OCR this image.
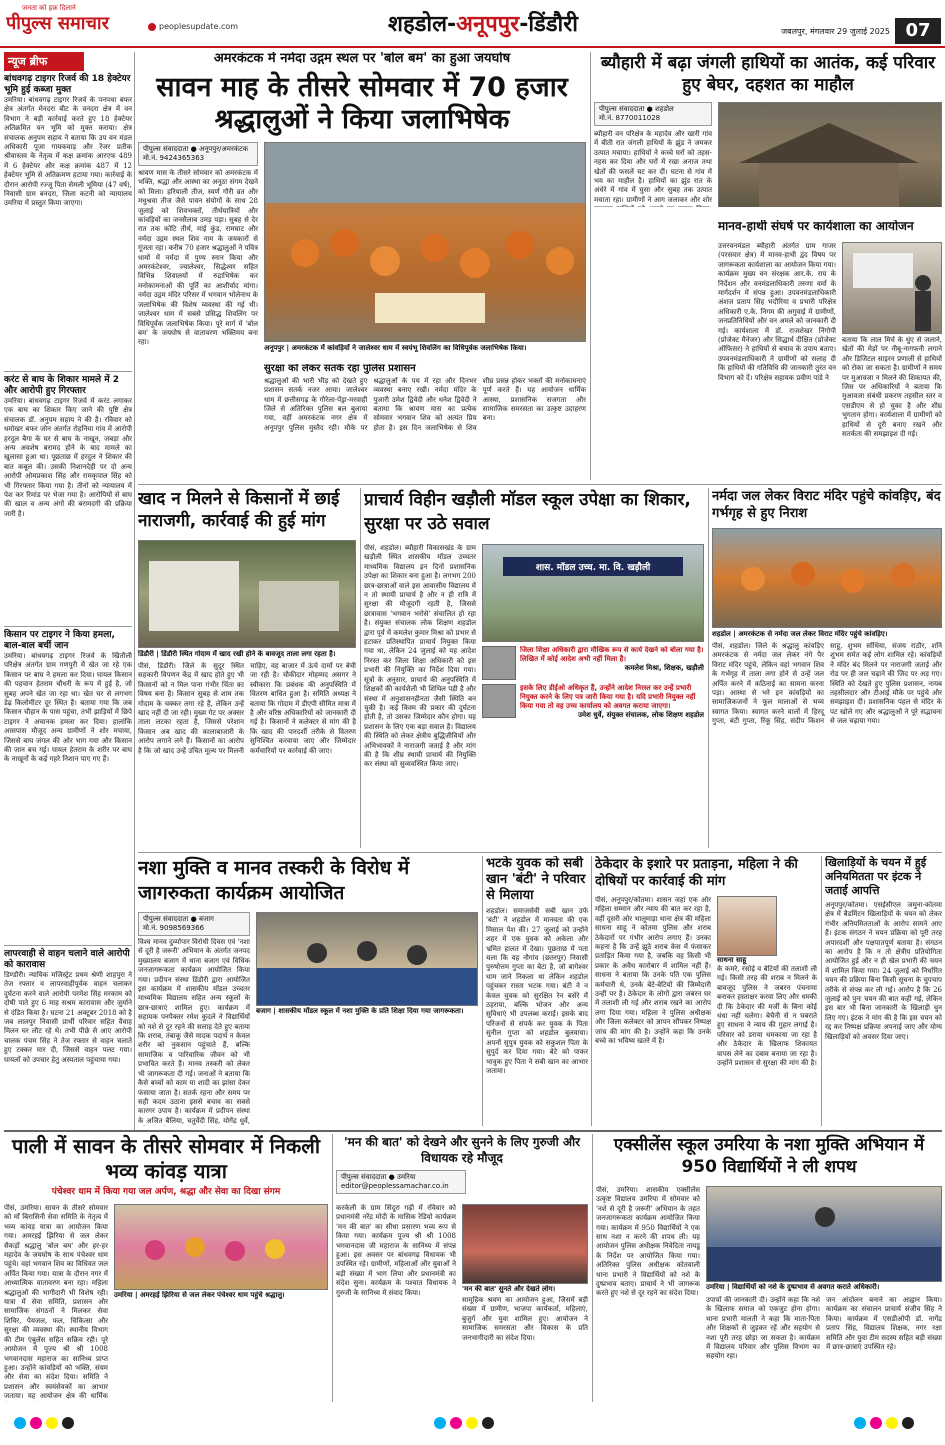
जनता को हक़ दिलाने
पीपुल्स समाचार	peoplesupdate.com	शहडोल-अनूपपुर-डिंडौरी	जबलपुर, मंगलवार 29 जुलाई 2025 07
न्यूज ब्रीफ
बांधवगढ़ टाइगर रिजर्व की 18 हेक्टेयर भूमि हुई कब्जा मुक्त
उमरिया। बांधवगढ़ टाइगर रिजर्व के पनपथा बफर क्षेत्र अंतर्गत मेनदरा बीट के वनदरा क्षेत्र में वन विभाग ने बड़ी कार्रवाई करते हुए 18 हेक्टेयर अतिक्रमित वन भूमि को मुक्त कराया। क्षेत्र संचालक अनुपम सहाय ने बताया कि उप वन मंडल अधिकारी पूजा गायकवाड़ और रेंजर प्रतीक श्रीवास्तव के नेतृत्व में कक्ष क्रमांक आरएफ 489 में 6 हेक्टेयर और कक्ष क्रमांक 487 में 12 हेक्टेयर भूमि से अतिक्रमण हटाया गया। कार्रवाई के दौरान आरोपी रज्जू पिता सेमली भूमिया (47 वर्ष), निवासी ग्राम बनदरा, जिला कटनी को न्यायालय उमरिया में प्रस्तुत किया जाएगा।
करंट से बाघ के शिकार मामले में 2 और आरोपी हुए गिरफ्तार
उमरिया। बांधवगढ़ टाइगर रिजर्व में करंट लगाकर एक बाघ का शिकार किए जाने की पुष्टि क्षेत्र संचालक डॉ. अनुपम सहाय ने की है। रविवार को धमोखर बफर जोन अंतर्गत रोहनिया गांव में आरोपी हरदुल बैगा के घर से बाघ के नाखून, जबड़ा और अन्य अवशेष बरामद होने के बाद मामले का खुलासा हुआ था। पूछताछ में हरदुल ने शिकार की बात कबूल की। उसकी निशानदेही पर दो अन्य आरोपी ओमप्रकाश सिंह और रामकृपाल सिंह को भी गिरफ्तार किया गया है। तीनों को न्यायालय में पेश कर रिमांड पर भेजा गया है। आरोपियों से बाघ की खाल व अन्य अंगों की बरामदगी की प्रक्रिया जारी है।
किसान पर टाइगर ने किया हमला, बाल-बाल बचीं जान
उमरिया। बांधवगढ़ टाइगर रिजर्व के खितौली परिक्षेत्र अंतर्गत ग्राम गणपुरी में खेत जा रहे एक किसान पर बाघ ने हमला कर दिया। घायल किसान की पहचान हेतराम चौधरी के रूप में हुई है, जो सुबह अपने खेत जा रहा था। खेत घर से लगभग डेढ़ किलोमीटर दूर स्थित है। बताया गया कि जब किसान चौहान के पास पहुंचा, तभी झाड़ियों में छिपे टाइगर ने अचानक हमला कर दिया। हालांकि आसपास मौजूद अन्य ग्रामीणों ने शोर मचाया, जिससे बाघ जंगल की ओर भाग गया और किसान की जान बच गई। घायल हेतराम के शरीर पर बाघ के नाखूनों के कई गहरे निशान पाए गए हैं।
लापरवाही से वाहन चलाने वाले आरोपी को कारावास
डिण्डौरी। न्यायिक मजिस्ट्रेट प्रथम श्रेणी शाहपुरा ने तेज रफ्तार व लापरवाहीपूर्वक वाहन चलाकर दुर्घटना करने वाले आरोपी परमेश सिंह मरकाम को दोषी पाते हुए 6 माह सश्रम कारावास और जुर्माने से दंडित किया है। घटना 21 अक्टूबर 2018 को है जब लालपुर निवासी प्रार्थी परिवार सहित वैवाह मिलन घर लौट रहे थे। तभी पीछे से आए आरोपी चालक पंचम सिंह ने तेज रफ्तार से वाहन चलाते हुए टक्कर मार दी, जिससे वाहन पलट गया। घायलों को उपचार हेतु अस्पताल पहुंचाया गया।
अमरकंटक में नर्मदा उद्गम स्थल पर 'बोल बम' का हुआ जयघोष
सावन माह के तीसरे सोमवार में 70 हजार श्रद्धालुओं ने किया जलाभिषेक
पीपुल्स संवाददाता ● अनूपपुर/अमरकंटक
मो.नं. 9424365363
श्रावण मास के तीसरे सोमवार को अमरकंटक में भक्ति, श्रद्धा और आस्था का अनूठा संगम देखने को मिला। हरियाली तीज, स्वर्ण गौरी व्रत और मधुश्रवा तीज जैसे पावन संयोगों के साथ 28 जुलाई को शिवभक्तों, तीर्थयात्रियों और कांवड़ियों का जनसैलाब उमड़ पड़ा। सुबह से देर रात तक कोटि तीर्थ, मांई कुंड, रामघाट और नर्मदा उद्गम स्थल शिव नाम के जयकारों से गूंजता रहा। करीब 70 हजार श्रद्धालुओं ने पवित्र धामों में नर्मदा में पुण्य स्नान किया और अमरकंटेश्वर, ज्वालेश्वर, सिद्धेश्वर सहित विभिन्न शिवालयों में रुद्राभिषेक कर मनोकामनाओं की पूर्ति का आशीर्वाद मांगा। नर्मदा उद्गम मंदिर परिसर में भगवान भोलेनाथ के जलाभिषेक की विशेष व्यवस्था की गई थी। जालेश्वर धाम में सबसे प्रसिद्ध शिवलिंग पर विधिपूर्वक जलाभिषेक किया। पूरे मार्ग में 'बोल बम' के जयघोष से वातावरण भक्तिमय बना रहा।
अनूपपुर | अमरकंटक में कांवड़ियों ने जालेश्वर धाम में स्वयंभू शिवलिंग का विधिपूर्वक जलाभिषेक किया।
सुरक्षा को लेकर सतर्क रहा पुलिस प्रशासन
श्रद्धालुओं की भारी भीड़ को देखते हुए प्रशासन सतर्क नजर आया। जालेश्वर धाम में छत्तीसगढ़ के गौरेला-पेंड्रा-मरवाही जिले से अतिरिक्त पुलिस बल बुलाया गया, वहीं अमरकंटक नगर क्षेत्र में अनूपपुर पुलिस मुस्तैद रही। मौके पर श्रद्धालुओं के पथ में रहा और दिनभर व्यवस्था बनाए रखी। नर्मदा मंदिर के पुजारी उमेश द्विवेदी और धनेश द्विवेदी ने बताया कि श्रावण मास का प्रत्येक सोमवार भगवान शिव को अत्यंत प्रिय होता है। इस दिन जलाभिषेक से शिव शीघ्र प्रसन्न होकर भक्तों की मनोकामनाएं पूर्ण करते हैं। यह आयोजन धार्मिक आस्था, प्रशासनिक सजगता और सामाजिक समरसता का उत्कृष्ट उदाहरण बना।
ब्यौहारी में बढ़ा जंगली हाथियों का आतंक, कई परिवार हुए बेघर, दहशत का माहौल
पीपुल्स संवाददाता ● शहडोल
मो.नं. 8770011028
ब्यौहारी वन परिक्षेत्र के महादेव और खारी गांव में बीती रात जंगली हाथियों के झुंड ने जमकर उत्पात मचाया। हाथियों ने कच्चे घरों को तहस-नहस कर दिया और घरों में रखा अनाज तथा खेतों की फसलें चट कर दीं। घटना से गांव में भय का माहौल है। हाथियों का झुंड रात के अंधेरे में गांव में घुसा और सुबह तक उत्पात मचाता रहा। ग्रामीणों ने आग जलाकर और शोर
मानव-हाथी संघर्ष पर कार्यशाला का आयोजन
उत्तरवनमंडल ब्यौहारी अंतर्गत ग्राम गाजर (परसवार क्षेत्र) में मानव-हाथी द्वंद विषय पर जागरूकता कार्यशाला का आयोजन किया गया। कार्यक्रम मुख्य वन संरक्षक आर.के. राय के निर्देशन और वनमंडलाधिकारी तरुणा वर्मा के मार्गदर्शन में संपन्न हुआ। उपवनमंडलाधिकारी अंशज प्रताप सिंह भदौरिया व प्रभारी परिक्षेत्र अधिकारी ए.के. निगम की अगुवाई में ग्रामीणों, जनप्रतिनिधियों और वन अमले को जानकारी दी गई। कार्यशाला में डॉ. राजशेखर निंगोपी (प्रोजेक्ट मैनेजर) और सिद्धार्थ दीक्षित (प्रोजेक्ट ऑफिसर) ने हाथियों से बचाव के उपाय बताए। उपवनमंडलाधिकारी ने ग्रामीणों को सलाह दी कि हाथियों की गतिविधि की जानकारी तुरंत वन विभाग को दें। परिक्षेत्र सहायक प्रवीण पांडे ने
बताया कि लाल मिर्च के धुंए से जलाने, खेतों की मेड़ों पर नीबू-नागफनी लगाने और डिजिटल साइरन प्रणाली से हाथियों को रोका जा सकता है। ग्रामीणों ने समय पर मुआवजा न मिलने की शिकायत की, जिस पर अधिकारियों ने बताया कि मुआवजा संबंधी प्रकरण तहसील स्तर व एसडीएम से हो चुका है और शीघ्र भुगतान होगा। कार्यशाला में ग्रामीणों को हाथियों से दूरी बनाए रखने और सतर्कता की समझाइश दी गई।
खाद न मिलने से किसानों में छाई नाराजगी, कार्रवाई की हुई मांग
डिंडौरी | डिंडौरी स्थित गोदाम में खाद रखी होने के बावजूद ताला लगा रहता है।
पीसं, डिंडौरी। जिले के सुदूर स्थित सहकारी विपणन केंद्र में खाद होते हुए भी किसानों को न मिल पाना गंभीर चिंता का विषय बना है। किसान सुबह से शाम तक गोदाम के चक्कर लगा रहे हैं, लेकिन उन्हें खाद नहीं दी जा रही। मुख्य गेट पर अक्सर ताला लटका रहता है, जिससे परेशान किसान अब खाद की कालाबाजारी के आरोप लगाने लगे हैं। किसानों का आरोप है कि जो खाद उन्हें उचित मूल्य पर मिलनी चाहिए, वह बाजार में ऊंचे दामों पर बेची जा रही है। चौकीदार मोहम्मद असगर ने स्वीकारा कि प्रबंधक की अनुपस्थिति में वितरण बाधित हुआ है। समिति अध्यक्ष ने बताया कि गोदाम में डीएपी सीमित मात्रा में है और वरिष्ठ अधिकारियों को जानकारी दी गई है। किसानों ने कलेक्टर से मांग की है कि खाद की पारदर्शी तरीके से वितरण सुनिश्चित करवाया जाए और जिम्मेदार कर्मचारियों पर कार्रवाई की जाए।
प्राचार्य विहीन खड़ौली मॉडल स्कूल उपेक्षा का शिकार, सुरक्षा पर उठे सवाल
पीसं, शहडोल। ब्यौहारी विकासखंड के ग्राम खड़ौली स्थित शासकीय मॉडल उच्चतर माध्यमिक विद्यालय इन दिनों प्रशासनिक उपेक्षा का शिकार बना हुआ है। लगभग 200 छात्र-छात्राओं वाले इस आवासीय विद्यालय में न तो स्थायी प्राचार्य है और न ही रात्रि में सुरक्षा की मौजूदगी रहती है, जिससे छात्रावास 'भगवान भरोसे' संचालित हो रहा है। संयुक्त संचालक लोक शिक्षण शहडोल द्वारा पूर्व में कमलेश कुमार मिश्रा को प्रभार से हटाकर प्रतिस्थापित प्राचार्य नियुक्त किया गया था, लेकिन 24 जुलाई को यह आदेश निरस्त कर जिला शिक्षा अधिकारी को इस प्रभारी की नियुक्ति का निर्देश दिया गया। सूत्रों के अनुसार, प्राचार्य की अनुपस्थिति में शिक्षकों की कार्यशैली भी शिथिल पड़ी है और संस्था में अनुशासनहीनता जैसी स्थिति बन चुकी है। कई किस्म की प्रकार की दुर्घटना होती है, तो उसका जिम्मेदार कौन होगा। यह प्रशासन के लिए एक बड़ा सवाल है। विद्यालय की स्थिति को लेकर क्षेत्रीय बुद्धिजीवियों और अभिभावकों ने नाराजगी जताई है और मांग की है कि शीघ्र स्थायी प्राचार्य की नियुक्ति कर संस्था को सुव्यवस्थित किया जाए।
शास. मॉडल उच्च. मा. वि. खड़ौली
जिला शिक्षा अधिकारी द्वारा मौखिक रूप से कार्य देखने को बोला गया है। लिखित में कोई आदेश अभी नहीं मिला है।
कमलेश मिश्रा, शिक्षक, खड़ौली
इसके लिए डीईओ अधिकृत हैं, उन्होंने आदेश निरस्त कर उन्हें प्रभारी नियुक्त करने के लिए पत्र जारी किया गया है। यदि प्रभारी नियुक्त नहीं किया गया तो वह उच्च कार्यालय को अवगत कराया जाएगा।
उमेश धुर्वे, संयुक्त संचालक, लोक शिक्षण शहडोल
नर्मदा जल लेकर विराट मंदिर पहुंचे कांवड़िए, बंद गर्भगृह से हुए निराश
शहडोल | अमरकंटक से नर्मदा जल लेकर विराट मंदिर पहुंचे कांवड़िए।
पीसं, शहडोल। जिले के श्रद्धालु कांवड़िए अमरकंटक से नर्मदा जल लेकर नंगे पैर विराट मंदिर पहुंचे, लेकिन वहां भगवान शिव के गर्भगृह में ताला लगा होने से उन्हें जल अर्पित करने में कठिनाई का सामना करना पड़ा। आस्था से भरे इन कांवड़ियों का सामाजिकजनों ने फूल मालाओं से भव्य स्वागत किया। स्वागत करने वालों में हिरदू गुप्ता, बंटी गुप्ता, रिंकू सिंह, संदीप किशन साहू, शुभम सोंधिया, संजय राठौर, शनि शुभम समेत कई लोग शामिल रहे। कांवड़ियों ने मंदिर बंद मिलने पर नाराजगी जताई और रोड पर ही जल चढ़ाने की जिद पर अड़ गए। स्थिति को देखते हुए पुलिस प्रशासन, नायब तहसीलदार और टीआई मौके पर पहुंचे और समझाइश दी। प्रशासनिक पहल से मंदिर के पट खोले गए और श्रद्धालुओं ने पूरे सद्भावना से जल चढ़ाया गया।
नशा मुक्ति व मानव तस्करी के विरोध में जागरुकता कार्यक्रम आयोजित
पीपुल्स संवाददाता ● बजाग
मो.नं. 9098569366
बजाग | शासकीय मॉडल स्कूल में नशा मुक्ति के प्रति शिक्षा दिया गया जागरूकता।
विश्व मानव दुर्व्यापार विरोधी दिवस एवं 'नशा से दूरी है जरूरी' अभियान के अंतर्गत जनपद मुख्यालय बजाग में थाना बजाग एवं विधिक जनजागरूकता कार्यक्रम आयोजित किया गया। प्रदीपन संस्था डिंडौरी द्वारा आयोजित इस कार्यक्रम में शासकीय मॉडल उच्चतर माध्यमिक विद्यालय सहित अन्य स्कूलों के छात्र-छात्राएं शामिल हुए। कार्यक्रम में सहायक पनपैक्तर रमेश कुदले ने विद्यार्थियों को नशे से दूर रहने की सलाह देते हुए बताया कि शराब, तंबाकू जैसे मादक पदार्थ न केवल शरीर को नुकसान पहुंचाते हैं, बल्कि सामाजिक व पारिवारिक जीवन को भी प्रभावित करते हैं। मानव तस्करी को लेकर भी जागरूकता दी गई। जनाओं ने बताया कि कैसे बच्चों को काम या शादी का झांसा देकर फंसाया जाता है। सतर्क रहना और समय पर सही कदम उठाना इससे बचाव का सबसे कारगर उपाय है। कार्यक्रम में प्रदीपन संस्था के अजित बैलिया, चतुर्वेदी सिंह, योगेंद्र धुर्वे,
भटके युवक को सबी खान 'बंटी' ने परिवार से मिलाया
शहडोल। समाजसेवी सबी खान उर्फ 'बंटी' ने शहडोल में मानवता की एक मिसाल पेश की। 27 जुलाई को उन्होंने शहर में एक युवक को अकेला और भ्रमित हालत में देखा। पूछताछ में पता चला कि वह नौगांव (छतरपुर) निवासी पुरुषोत्तम गुप्ता का बेटा है, जो बागेश्वर धाम जाने निकला था लेकिन शहडोल पहुंचकर रास्ता भटक गया। बंटी ने न केवल युवक को सुरक्षित रेन बसेरे में ठहराया, बल्कि भोजन और अन्य सुविधाएं भी उपलब्ध कराईं। इसके बाद परिजनों से संपर्क कर युवक के पिता सुनील गुप्ता को शहडोल बुलवाया। अपनों सुपुत्र युवक को सकुशल पिता के सुपुर्द कर दिया गया। बेटे को पाकर भावुक हुए पिता ने सबी खान का आभार जताया।
ठेकेदार के इशारे पर प्रताड़ना, महिला ने की दोषियों पर कार्रवाई की मांग
पीसं, अनूपपुर/कोतमा। शासन जहां एक ओर महिला सम्मान और न्याय की बात कर रहा है, वहीं दूसरी ओर भालूमाड़ा थाना क्षेत्र की महिला साधना साहू ने कोतमा पुलिस और शराब ठेकेदारों पर गंभीर आरोप लगाए हैं। उनका कहना है कि उन्हें झूठे शराब केस में फंसाकर प्रताड़ित किया गया है, जबकि वह किसी भी प्रकार के अवैध कारोबार में शामिल नहीं हैं। साधना ने बताया कि उनके पति एक पुलिस कर्मचारी थे, उनके बेटे-बेटियों की जिम्मेदारी उन्हीं पर है। ठेकेदार के लोगों द्वारा जबरन घर में तलाशी ली गई और शराब रखने का आरोप लगा दिया गया। महिला ने पुलिस अधीक्षक और जिला कलेक्टर को ज्ञापन सौंपकर निष्पक्ष जांच की मांग की है। उन्होंने कहा कि उनके बच्चे का भविष्य खतरे में है।
साधना साहू
के कमरे, रसोई व बेटियों की तलाशी ली गई। किसी तरह की शराब न मिलने के बावजूद पुलिस ने जबरन पंचनामा बनाकर हस्ताक्षर करवा लिए और धमकी दी कि ठेकेदार की मर्जी के बिना कोई धंधा नहीं चलेगा। बेचैनी से न घबराते हुए साधना ने न्याय की गुहार लगाई है। परिवार को डराया धमकाया जा रहा है और ठेकेदार के खिलाफ शिकायत वापस लेने का दबाव बनाया जा रहा है। उन्होंने प्रशासन से सुरक्षा की मांग की है।
खिलाड़ियों के चयन में हुई अनियमितता पर इंटक ने जताई आपत्ति
अनूपपुर/कोतमा। एसईसीएल जमुना-कोतमा क्षेत्र में बैडमिंटन खिलाड़ियों के चयन को लेकर गंभीर अनियमितताओं के आरोप सामने आए हैं। इंटक संगठन ने चयन प्रक्रिया को पूरी तरह अपारदर्शी और पक्षपातपूर्ण बताया है। संगठन का आरोप है कि न तो क्षेत्रीय प्रतियोगिता आयोजित हुई और न ही खेल प्रभारी की चयन में शामिल किया गया। 24 जुलाई को निर्धारित चयन की प्रक्रिया बिना किसी सूचना के चुपचाप तरीके से संपन्न कर ली गई। आरोप है कि 26 जुलाई को पुनः चयन की बात कही गई, लेकिन इस बार भी बिना जानकारी के खिलाड़ी चुन लिए गए। इंटक ने मांग की है कि इस चयन को रद्द कर निष्पक्ष प्रक्रिया अपनाई जाए और योग्य खिलाड़ियों को अवसर दिया जाए।
पाली में सावन के तीसरे सोमवार में निकली भव्य कांवड़ यात्रा
पंचेश्वर धाम में किया गया जल अर्पण, श्रद्धा और सेवा का दिखा संगम
पीसं, उमरिया। सावन के तीसरे सोमवार को माँ बिरासिनी सेवा समिति के नेतृत्व में भव्य कांवड़ यात्रा का आयोजन किया गया। अमरहई झिरिया से जल लेकर सैकड़ों श्रद्धालु 'बोल बम' और हर-हर महादेव के जयघोष के साथ पंचेश्वर धाम पहुंचे। वहां भगवान शिव का विधिवत जल अर्पित किया गया। यात्रा के दौरान नगर में आध्यात्मिक वातावरण बना रहा। महिला श्रद्धालुओं की भागीदारी भी विशेष रही। यात्रा में सेवा समिति, प्रशासन और सामाजिक संगठनों ने मिलकर सेवा शिविर, पेयजल, फल, चिकित्सा और सुरक्षा की व्यवस्था की। स्थानीय विभाग की टीम एंबुलेंस सहित सक्रिय रही। पूरे आयोजन में पूज्य श्री श्री 1008 भगवानदास महाराज का सानिध्य प्राप्त हुआ। उन्होंने कांवड़ियों को भक्ति, संयम और सेवा का संदेश दिया। समिति ने प्रशासन और स्वयंसेवकों का आभार जताया। यह आयोजन क्षेत्र की धार्मिक
उमरिया | अमरहई झिरिया से जल लेकर पंचेश्वर धाम पहुंचे श्रद्धालु।
'मन की बात' को देखने और सुनने के लिए गुरुजी और विधायक रहे मौजूद
पीपुल्स संवाददाता ● उमरिया
editor@peoplessamachar.co.in
करकेली के ग्राम सिंदूरा गढ़ी में रविवार को प्रधानमंत्री नरेंद्र मोदी के मासिक रेडियो कार्यक्रम 'मन की बात' का सीधा प्रसारण भव्य रूप से किया गया। कार्यक्रम पूज्य श्री श्री 1008 भगवानदास जी महाराज के सानिध्य में संपन्न हुआ। इस अवसर पर बांधवगढ़ विधायक भी उपस्थित रहे। ग्रामीणों, महिलाओं और युवाओं ने बड़ी संख्या में भाग लिया और प्रधानमंत्री का संदेश सुना। कार्यक्रम के पश्चात विधायक ने गुरुजी के सानिध्य में संवाद किया।	'मन की बात' सुनते और देखते लोग।
सामूहिक श्रवण का आयोजन हुआ, जिसमें बड़ी संख्या में ग्रामीण, भाजपा कार्यकर्ता, महिलाएं, बुजुर्ग और युवा शामिल हुए। आयोजन ने सामाजिक समरसता और विकास के प्रति जनभागीदारी का संदेश दिया।
एक्सीलेंस स्कूल उमरिया के नशा मुक्ति अभियान में 950 विद्यार्थियों ने ली शपथ
पीसं, उमरिया। शासकीय एक्सीलेंस उत्कृष्ट विद्यालय उमरिया में सोमवार को 'नशे से दूरी है जरूरी' अभियान के तहत जनजागरूकता कार्यक्रम आयोजित किया गया। कार्यक्रम में 950 विद्यार्थियों ने एक साथ नशा न करने की शपथ ली। यह आयोजन पुलिस अधीक्षक निवेदिता नायडू के निर्देश पर आयोजित किया गया। अतिरिक्त पुलिस अधीक्षक कोतवाली थाना प्रभारी ने विद्यार्थियों को नशे के दुष्प्रभाव बताए। प्राचार्य ने भी जागरूक करते हुए नशे से दूर रहने का संदेश दिया।
उमरिया | विद्यार्थियों को नशे के दुष्प्रभाव से अवगत कराते अधिकारी।
उपायों की जानकारी दी। उन्होंने कहा कि नशे के खिलाफ समाज को एकजुट होना होगा। थाना प्रभारी मालती ने कहा कि माता-पिता और शिक्षकों से जुड़कर रहें और सहयोग से नशा पूरी तरह छोड़ा जा सकता है। कार्यक्रम में विद्यालय परिवार और पुलिस विभाग का सहयोग रहा।
जन आंदोलन बनाने का आह्वान किया। कार्यक्रम का संचालन प्राचार्य संजीव सिंह ने किया। कार्यक्रम में एसडीओपी डॉ. नागेंद्र प्रताप सिंह, विद्यालय शिक्षक, नगर रक्षा समिति और युवा टीम सदस्य सहित बड़ी संख्या में छात्र-छात्राएं उपस्थित रहे।
